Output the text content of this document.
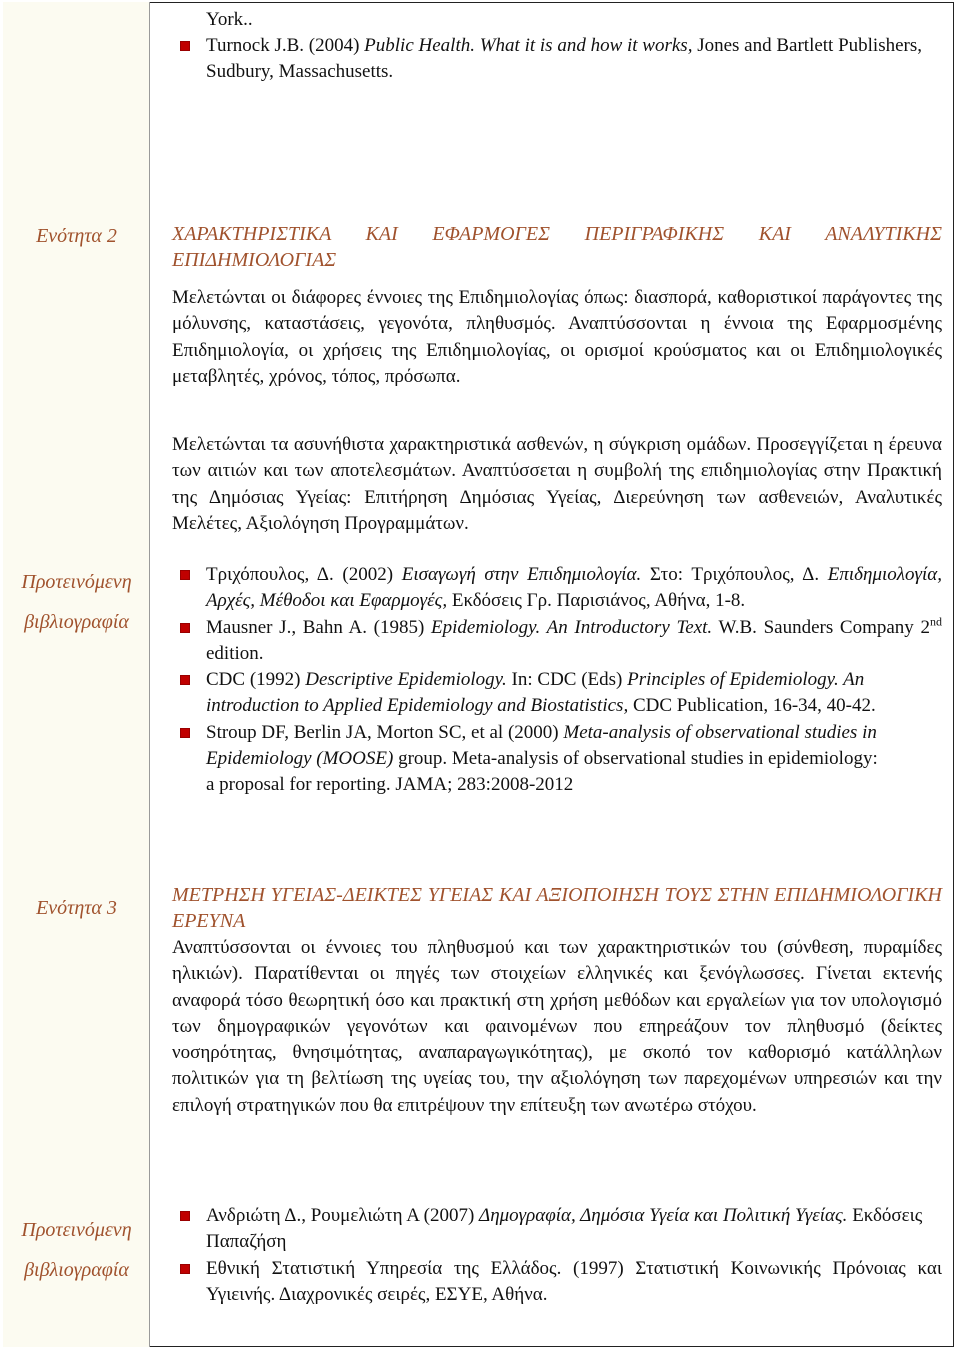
York..
Turnock J.B. (2004) Public Health. What it is and how it works, Jones and Bartlett Publishers, Sudbury, Massachusetts.
Ενότητα 2	ΧΑΡΑΚΤΗΡΙΣΤΙΚΑ ΚΑΙ ΕΦΑΡΜΟΓΕΣ ΠΕΡΙΓΡΑΦΙΚΗΣ ΚΑΙ ΑΝΑΛΥΤΙΚΗΣ ΕΠΙΔΗΜΙΟΛΟΓΙΑΣ
Μελετώνται οι διάφορες έννοιες της Επιδημιολογίας όπως: διασπορά, καθοριστικοί παράγοντες της μόλυνσης, καταστάσεις, γεγονότα, πληθυσμός. Αναπτύσσονται η έννοια της Εφαρμοσμένης Επιδημιολογία, οι χρήσεις της Επιδημιολογίας, οι ορισμοί κρούσματος και οι Επιδημιολογικές μεταβλητές, χρόνος, τόπος, πρόσωπα.
Μελετώνται τα ασυνήθιστα χαρακτηριστικά ασθενών, η σύγκριση ομάδων. Προσεγγίζεται η έρευνα των αιτιών και των αποτελεσμάτων. Αναπτύσσεται η συμβολή της επιδημιολογίας στην Πρακτική της Δημόσιας Υγείας: Επιτήρηση Δημόσιας Υγείας, Διερεύνηση των ασθενειών, Αναλυτικές Μελέτες, Αξιολόγηση Προγραμμάτων.
Προτεινόμενη
βιβλιογραφία
Τριχόπουλος, Δ. (2002) Εισαγωγή στην Επιδημιολογία. Στο: Τριχόπουλος, Δ. Επιδημιολογία, Αρχές, Μέθοδοι και Εφαρμογές, Εκδόσεις Γρ. Παρισιάνος, Αθήνα, 1-8.
Mausner J., Bahn A. (1985) Epidemiology. An Introductory Text. W.B. Saunders Company 2nd edition.
CDC (1992) Descriptive Epidemiology. In: CDC (Eds) Principles of Epidemiology. An introduction to Applied Epidemiology and Biostatistics, CDC Publication, 16-34, 40-42.
Stroup DF, Berlin JA, Morton SC, et al (2000) Meta-analysis of observational studies in Epidemiology (MOOSE) group. Meta-analysis of observational studies in epidemiology: a proposal for reporting. JAMA; 283:2008-2012
Ενότητα 3
ΜΕΤΡΗΣΗ ΥΓΕΙΑΣ-ΔΕΙΚΤΕΣ ΥΓΕΙΑΣ ΚΑΙ ΑΞΙΟΠΟΙΗΣΗ ΤΟΥΣ ΣΤΗΝ ΕΠΙΔΗΜΙΟΛΟΓΙΚΗ ΕΡΕΥΝΑ
Αναπτύσσονται οι έννοιες του πληθυσμού και των χαρακτηριστικών του (σύνθεση, πυραμίδες ηλικιών). Παρατίθενται οι πηγές των στοιχείων ελληνικές και ξενόγλωσσες. Γίνεται εκτενής αναφορά τόσο θεωρητική όσο και πρακτική στη χρήση μεθόδων και εργαλείων για τον υπολογισμό των δημογραφικών γεγονότων και φαινομένων που επηρεάζουν τον πληθυσμό (δείκτες νοσηρότητας, θνησιμότητας, αναπαραγωγικότητας), με σκοπό τον καθορισμό κατάλληλων πολιτικών για τη βελτίωση της υγείας του, την αξιολόγηση των παρεχομένων υπηρεσιών και την επιλογή στρατηγικών που θα επιτρέψουν την επίτευξη των ανωτέρω στόχου.
Προτεινόμενη
βιβλιογραφία
Ανδριώτη Δ., Ρουμελιώτη Α (2007) Δημογραφία, Δημόσια Υγεία και Πολιτική Υγείας. Εκδόσεις Παπαζήση
Εθνική Στατιστική Υπηρεσία της Ελλάδος. (1997) Στατιστική Κοινωνικής Πρόνοιας και Υγιεινής. Διαχρονικές σειρές, ΕΣΥΕ, Αθήνα.
